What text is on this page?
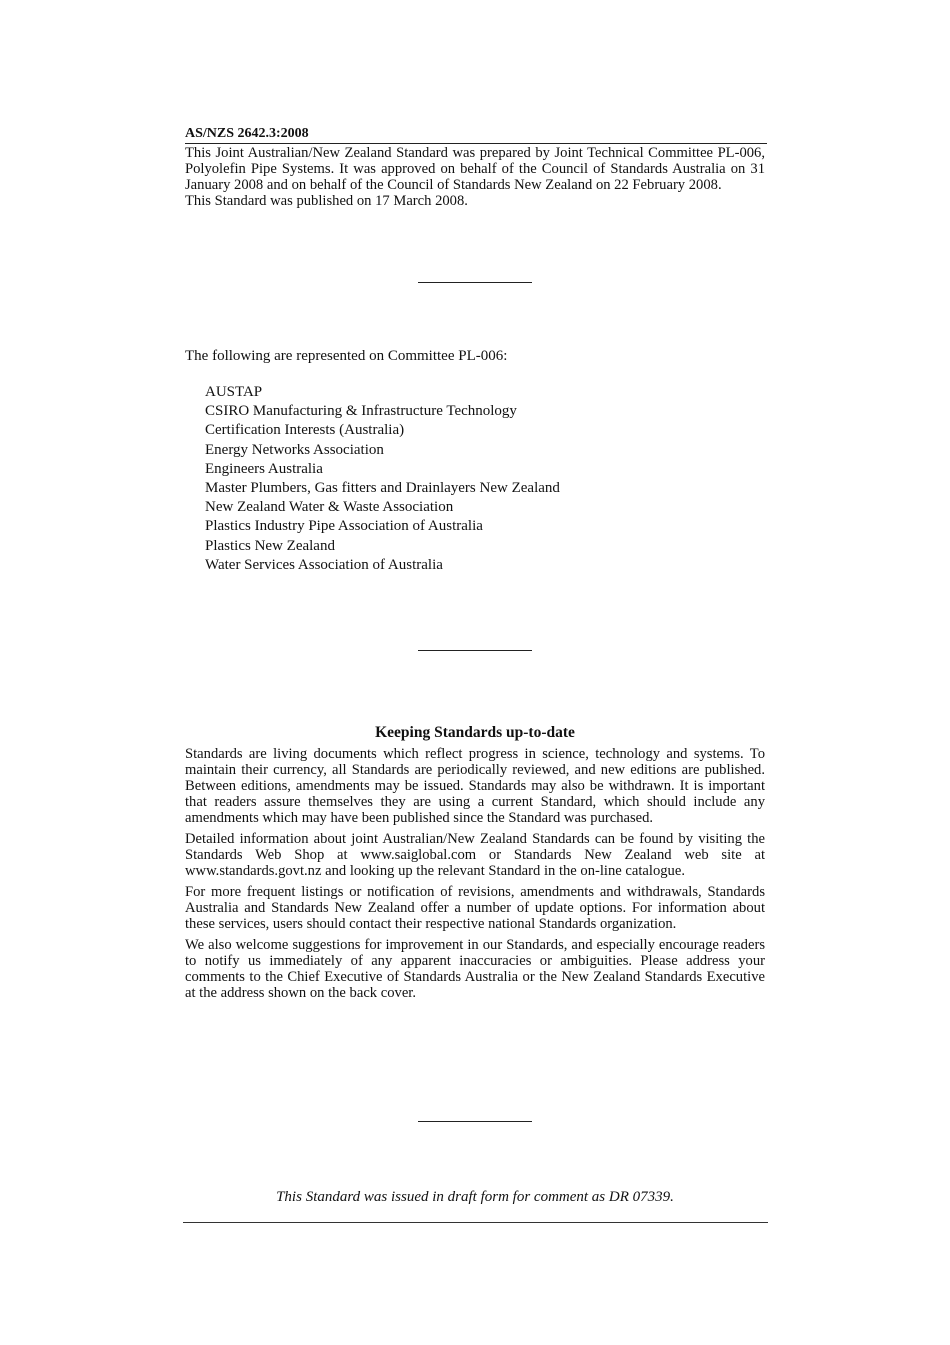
AS/NZS 2642.3:2008

This Joint Australian/New Zealand Standard was prepared by Joint Technical Committee PL-006, Polyolefin Pipe Systems. It was approved on behalf of the Council of Standards Australia on 31 January 2008 and on behalf of the Council of Standards New Zealand on 22 February 2008.

This Standard was published on 17 March 2008.

The following are represented on Committee PL-006:
AUSTAP
CSIRO Manufacturing & Infrastructure Technology
Certification Interests (Australia)
Energy Networks Association
Engineers Australia
Master Plumbers, Gas fitters and Drainlayers New Zealand
New Zealand Water & Waste Association
Plastics Industry Pipe Association of Australia
Plastics New Zealand
Water Services Association of Australia
Keeping Standards up-to-date

Standards are living documents which reflect progress in science, technology and systems. To maintain their currency, all Standards are periodically reviewed, and new editions are published. Between editions, amendments may be issued. Standards may also be withdrawn. It is important that readers assure themselves they are using a current Standard, which should include any amendments which may have been published since the Standard was purchased.

Detailed information about joint Australian/New Zealand Standards can be found by visiting the Standards Web Shop at www.saiglobal.com or Standards New Zealand web site at www.standards.govt.nz and looking up the relevant Standard in the on-line catalogue.

For more frequent listings or notification of revisions, amendments and withdrawals, Standards Australia and Standards New Zealand offer a number of update options. For information about these services, users should contact their respective national Standards organization.

We also welcome suggestions for improvement in our Standards, and especially encourage readers to notify us immediately of any apparent inaccuracies or ambiguities. Please address your comments to the Chief Executive of Standards Australia or the New Zealand Standards Executive at the address shown on the back cover.

This Standard was issued in draft form for comment as DR 07339.
